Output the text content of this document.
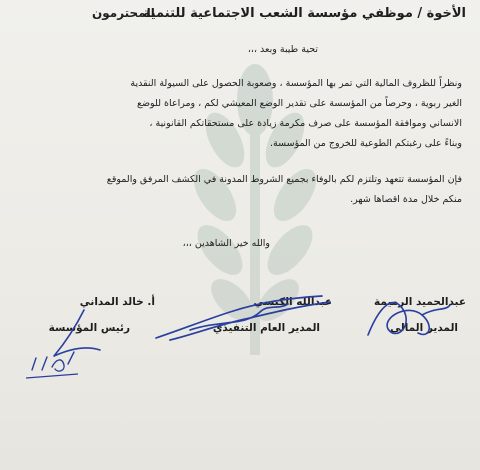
الأخوة / موظفي مؤسسة الشعب الاجتماعية للتنمية
المحترمون
تحية طيبة وبعد ،،،
ونظراً للظروف المالية التي تمر بها المؤسسة ، وصعوبة الحصول على السيولة النقدية
الغير ربوية ، وحرصاً من المؤسسة على تقدير الوضع المعيشي لكم ، ومراعاة للوضع
الانساني وموافقة المؤسسة على صرف مكرمة زيادة على مستحقاتكم القانونية ،
وبناءً على رغبتكم الطوعية للخروج من المؤسسة.
فإن المؤسسة تتعهد وتلتزم لكم بالوفاء بجميع الشروط المدونة في الكشف المرفق والموقع
منكم خلال مدة اقصاها شهر.
والله خير الشاهدين ،،،
عبدالحميد الرميمة
عبدالله الكبسي
أ. خالد المداني
المدير المالي
المدير العام التنفيذي
رئيس المؤسسة
